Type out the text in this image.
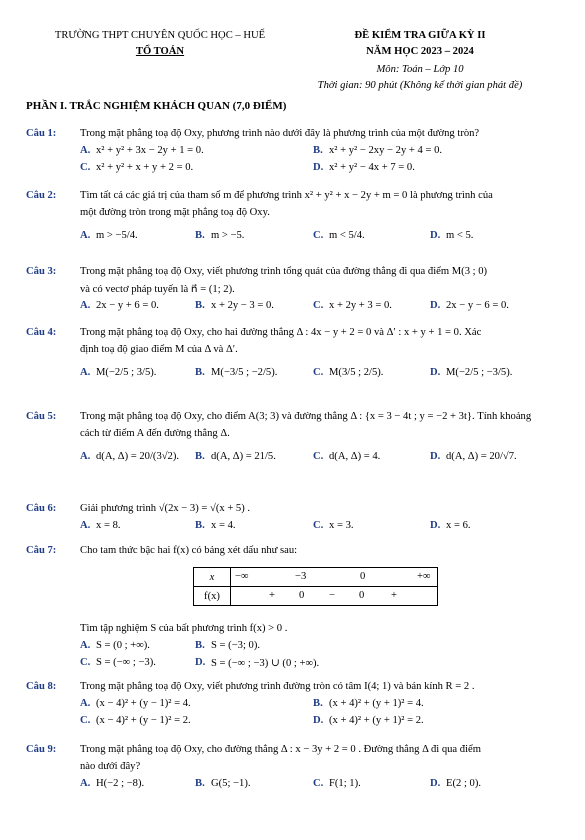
TRƯỜNG THPT CHUYÊN QUỐC HỌC – HUẾ
TỔ TOÁN
ĐỀ KIỂM TRA GIỮA KỲ II
NĂM HỌC 2023 – 2024
Môn: Toán – Lớp 10
Thời gian: 90 phút (Không kể thời gian phát đề)
PHẦN I. TRẮC NGHIỆM KHÁCH QUAN (7,0 ĐIỂM)
Câu 1: Trong mặt phẳng toạ độ Oxy, phương trình nào dưới đây là phương trình của một đường tròn?
A. x² + y² + 3x − 2y + 1 = 0.	B. x² + y² − 2xy − 2y + 4 = 0.
C. x² + y² + x + y + 2 = 0.	D. x² + y² − 4x + 7 = 0.
Câu 2: Tìm tất cả các giá trị của tham số m để phương trình x² + y² + x − 2y + m = 0 là phương trình của
một đường tròn trong mặt phẳng toạ độ Oxy.
A. m > −5/4.	B. m > −5.	C. m < 5/4.	D. m < 5.
Câu 3: Trong mặt phẳng toạ độ Oxy, viết phương trình tổng quát của đường thẳng đi qua điểm M(3 ; 0)
và có vectơ pháp tuyến là n⃗ = (1; 2).
A. 2x − y + 6 = 0.	B. x + 2y − 3 = 0.	C. x + 2y + 3 = 0.	D. 2x − y − 6 = 0.
Câu 4: Trong mặt phẳng toạ độ Oxy, cho hai đường thẳng Δ : 4x − y + 2 = 0 và Δ′ : x + y + 1 = 0. Xác
định toạ độ giao điểm M của Δ và Δ′.
A. M(−2/5 ; 3/5).	B. M(−3/5 ; −2/5).	C. M(3/5 ; 2/5).	D. M(−2/5 ; −3/5).
Câu 5: Trong mặt phẳng toạ độ Oxy, cho điểm A(3; 3) và đường thẳng Δ : {x = 3 − 4t ; y = −2 + 3t}. Tính khoảng
cách từ điểm A đến đường thẳng Δ.
A. d(A, Δ) = 20/(3√2). B. d(A, Δ) = 21/5.	C. d(A, Δ) = 4.	D. d(A, Δ) = 20/√7.
Câu 6: Giải phương trình √(2x − 3) = √(x + 5) .
A. x = 8.	B. x = 4.	C. x = 3.	D. x = 6.
Câu 7: Cho tam thức bậc hai f(x) có bảng xét dấu như sau:
x	−∞ −3 0 +∞

f(x)	+ 0 − 0 +
Tìm tập nghiệm S của bất phương trình f(x) > 0 .
A. S = (0 ; +∞).	B. S = (−3; 0).
C. S = (−∞ ; −3).	D. S = (−∞ ; −3) ∪ (0 ; +∞).
Câu 8: Trong mặt phẳng toạ độ Oxy, viết phương trình đường tròn có tâm I(4; 1) và bán kính R = 2 .
A. (x − 4)² + (y − 1)² = 4.	B. (x + 4)² + (y + 1)² = 4.
C. (x − 4)² + (y − 1)² = 2.	D. (x + 4)² + (y + 1)² = 2.
Câu 9: Trong mặt phẳng toạ độ Oxy, cho đường thẳng Δ : x − 3y + 2 = 0 . Đường thẳng Δ đi qua điểm
nào dưới đây?
A. H(−2 ; −8).	B. G(5; −1).	C. F(1; 1).	D. E(2 ; 0).
